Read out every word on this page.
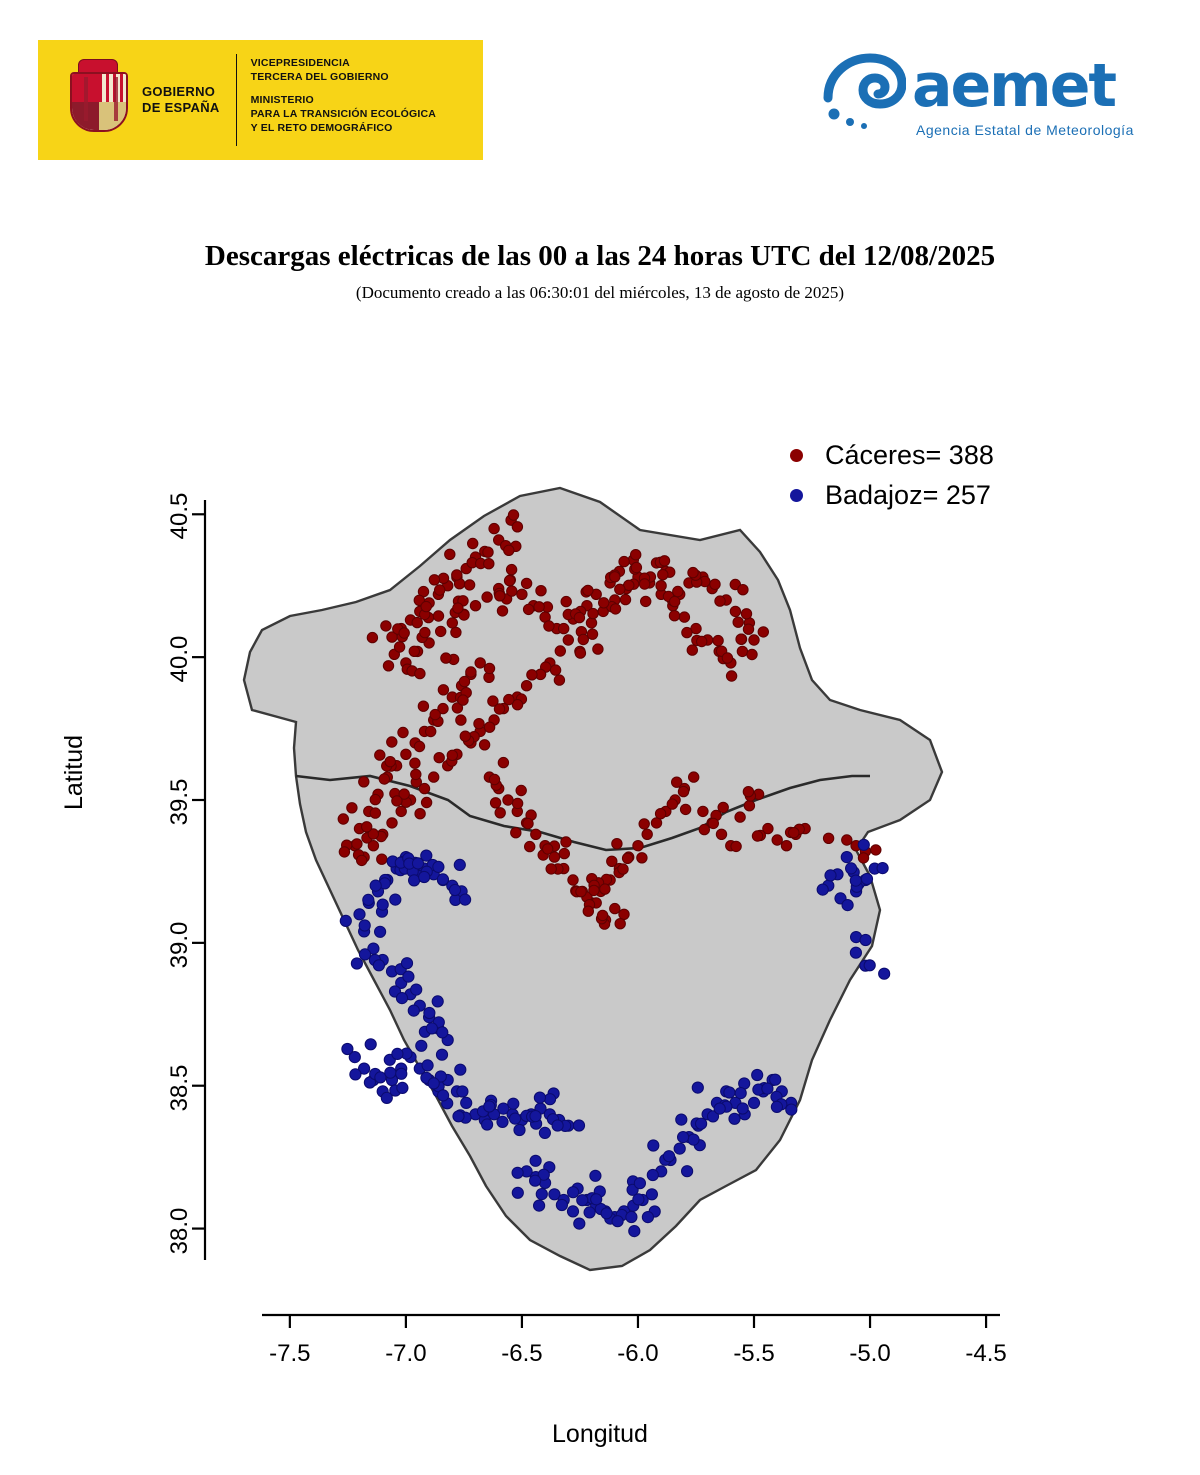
GOBIERNO
DE ESPAÑA
VICEPRESIDENCIA
TERCERA DEL GOBIERNO
MINISTERIO
PARA LA TRANSICIÓN ECOLÓGICA
Y EL RETO DEMOGRÁFICO
aemet
Agencia Estatal de Meteorología
Descargas eléctricas de las 00 a las 24 horas UTC del 12/08/2025
(Documento creado a las 06:30:01 del miércoles, 13 de agosto de 2025)
Cáceres= 388
Badajoz= 257
Latitud
Longitud
38.0
38.5
39.0
39.5
40.0
40.5
-7.5	-7.0	-6.5	-6.0	-5.5	-5.0	-4.5
